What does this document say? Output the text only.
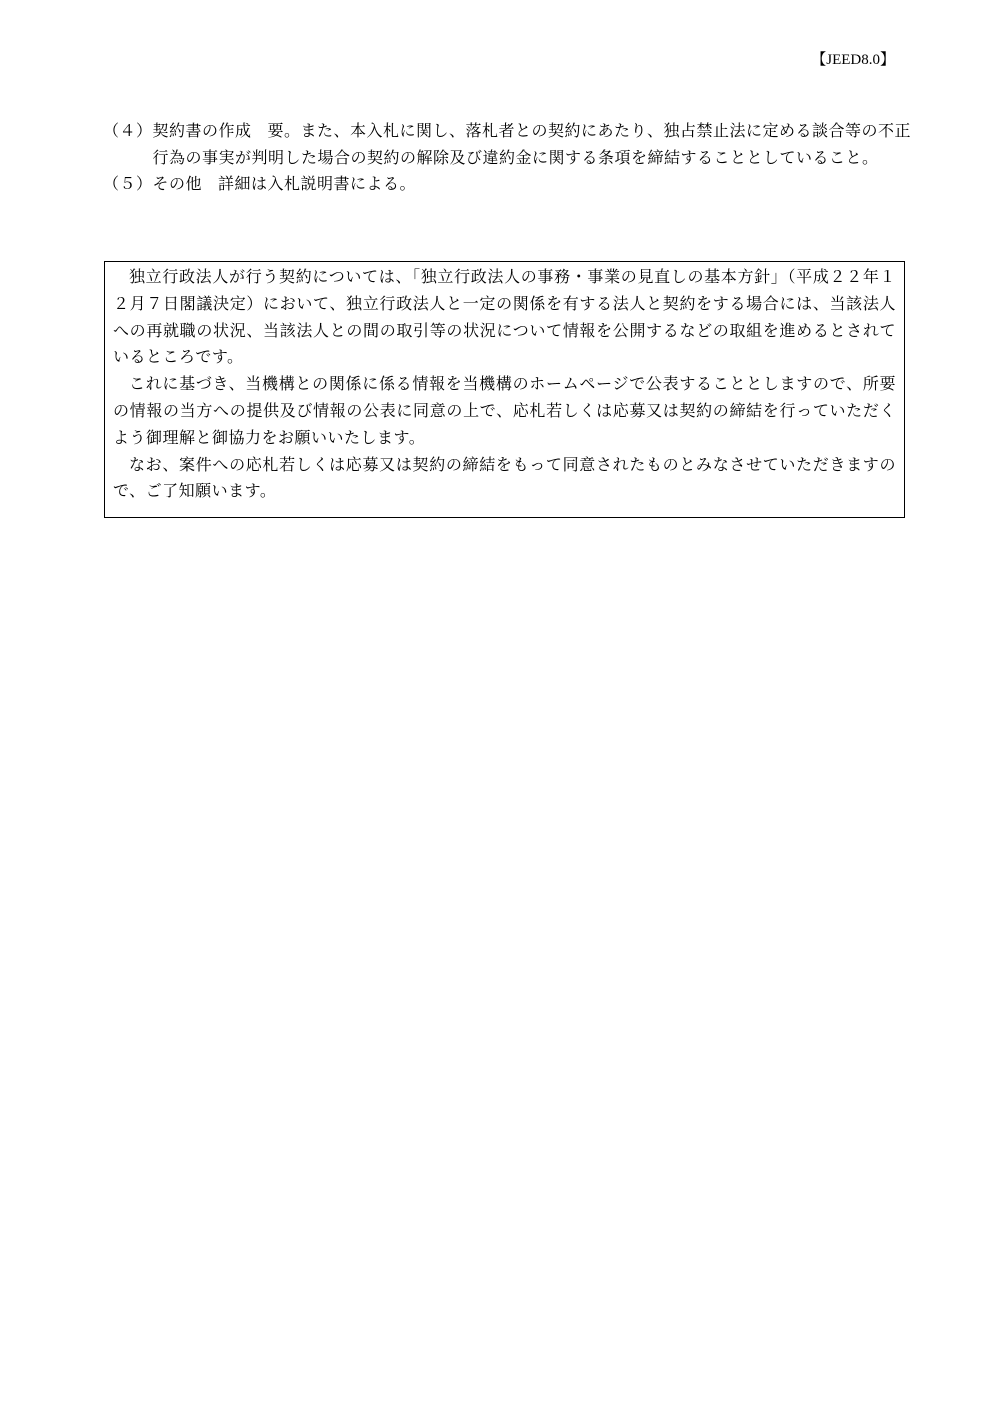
【JEED8.0】
（４） 契約書の作成 要。また、本入札に関し、落札者との契約にあたり、独占禁止法に定める談合等の不正行為の事実が判明した場合の契約の解除及び違約金に関する条項を締結することとしていること。
（５） その他 詳細は入札説明書による。

独立行政法人が行う契約については、「独立行政法人の事務・事業の見直しの基本方針」（平成２２年１２月７日閣議決定）において、独立行政法人と一定の関係を有する法人と契約をする場合には、当該法人への再就職の状況、当該法人との間の取引等の状況について情報を公開するなどの取組を進めるとされているところです。

これに基づき、当機構との関係に係る情報を当機構のホームページで公表することとしますので、所要の情報の当方への提供及び情報の公表に同意の上で、応札若しくは応募又は契約の締結を行っていただくよう御理解と御協力をお願いいたします。

なお、案件への応札若しくは応募又は契約の締結をもって同意されたものとみなさせていただきますので、ご了知願います。
